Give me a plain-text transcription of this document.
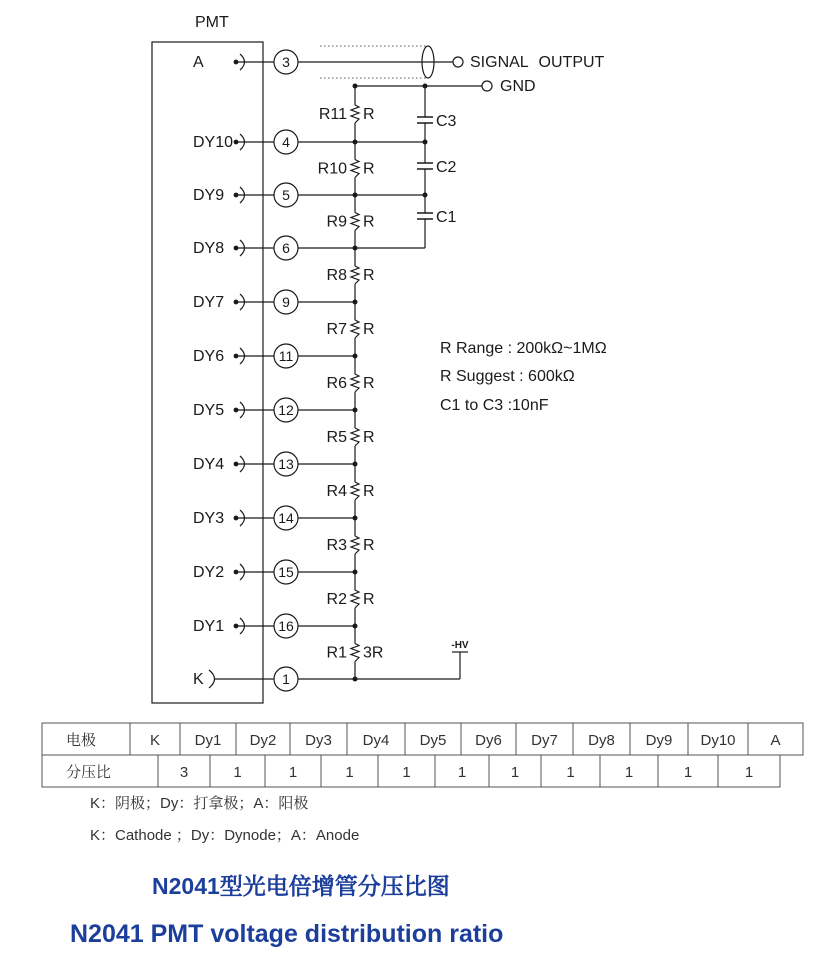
PMT
A	3
DY10	4
DY9	5
DY8	6
DY7	9
DY6	11
DY5	12
DY4	13
DY3	14
DY2	15
DY1	16
K	1
SIGNAL OUTPUT
GND
R11 R
R10 R
R9 R
R8 R
R7 R
R6 R
R5 R
R4 R
R3 R
R2 R
R1 3R
C3
C2
C1
-HV
R Range : 200kΩ~1MΩ
R Suggest : 600kΩ
C1 to C3 :10nF
电极	K Dy1 Dy2 Dy3 Dy4 Dy5 Dy6 Dy7 Dy8 Dy9 Dy10 A
分压比	3	1	1	1	1	1	1	1	1	1	1
K：阴极；Dy：打拿极；A：阳极
K：Cathode ；Dy：Dynode；A：Anode
N2041型光电倍增管分压比图
N2041 PMT voltage distribution ratio
